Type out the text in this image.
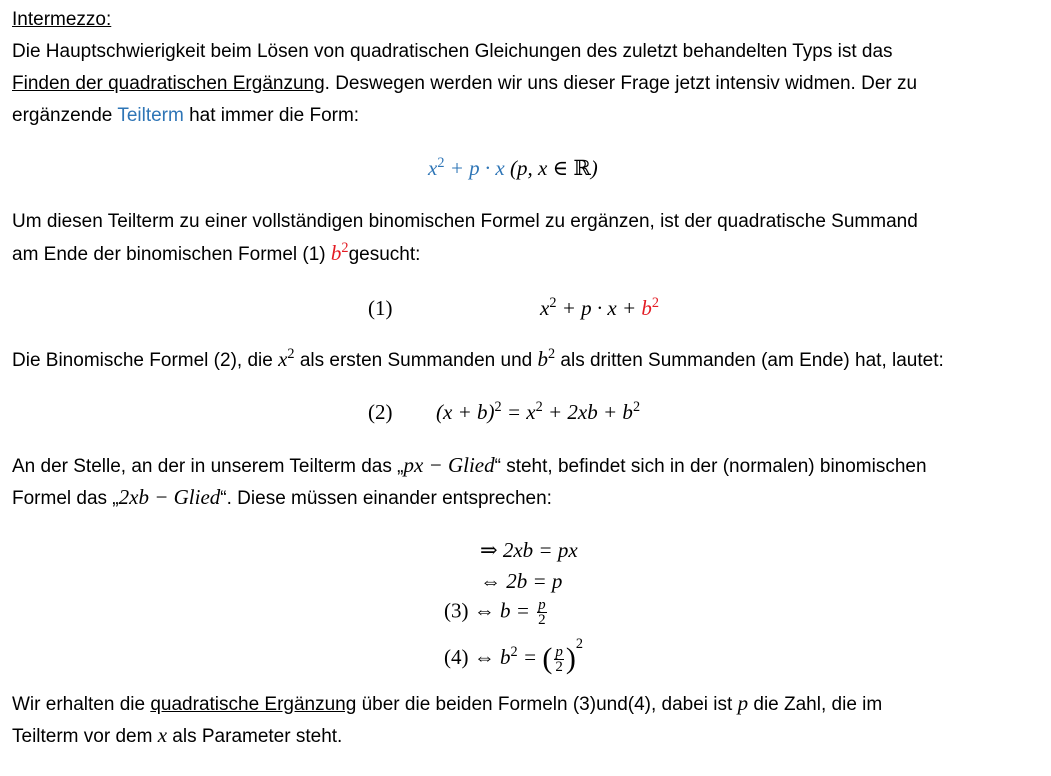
Intermezzo:
Die Hauptschwierigkeit beim Lösen von quadratischen Gleichungen des zuletzt behandelten Typs ist das
Finden der quadratischen Ergänzung. Deswegen werden wir uns dieser Frage jetzt intensiv widmen. Der zu
ergänzende Teilterm hat immer die Form:
$x^2 + p \cdot x$ (p, x ∈ ℝ)
Um diesen Teilterm zu einer vollständigen binomischen Formel zu ergänzen, ist der quadratische Summand
am Ende der binomischen Formel (1) $b^2gesucht$:
(1)	$x^2 + p \cdot x + b^2$
Die Binomische Formel (2), die $x^2$ als ersten Summanden und $b^2$ als dritten Summanden (am Ende) hat, lautet:
(2) $(x + b)^2 = x^2 + 2xb + b^2$
An der Stelle, an der in unserem Teilterm das „px − Glied“ steht, befindet sich in der (normalen) binomischen
Formel das „2xb − Glied“. Diese müssen einander entsprechen:
⇒ 2xb = px
⇔ 2b = p
(3) ⇔ $b = \frac{p}{2}$
(4) ⇔ $b^2$ = ( $\frac{p}{2} )^2$
Wir erhalten die quadratische Ergänzung über die beiden Formeln (3)und(4), dabei ist p die Zahl, die im
Teilterm vor dem x als Parameter steht.
